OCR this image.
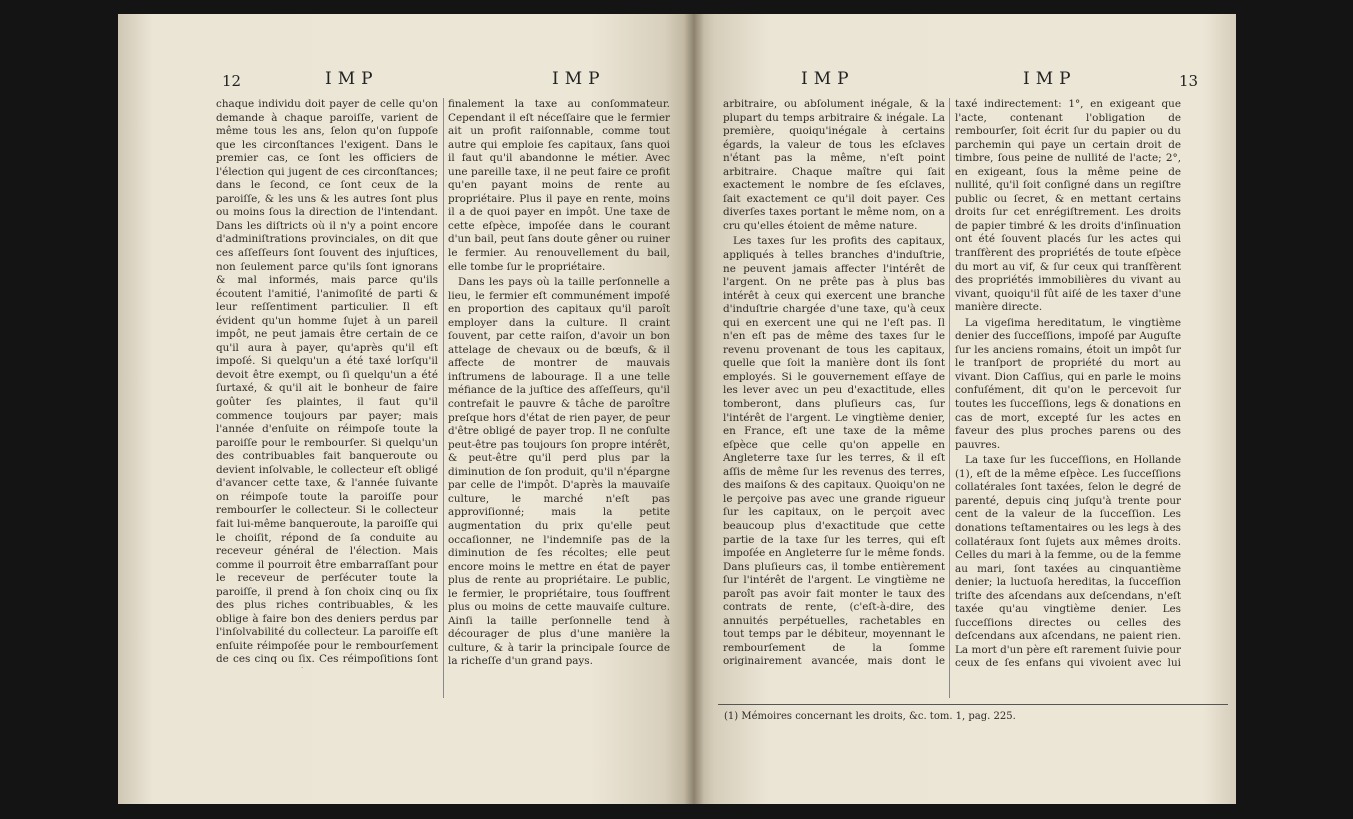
12	IMP	IMP

chaque individu doit payer de celle qu'on demande à chaque paroiſſe, varient de même tous les ans, ſelon qu'on ſuppoſe que les circonſtances l'exigent. Dans le premier cas, ce ſont les officiers de l'élection qui jugent de ces circonſtances; dans le ſecond, ce ſont ceux de la paroiſſe, & les uns & les autres ſont plus ou moins ſous la direction de l'intendant. Dans les diſtricts où il n'y a point encore d'adminiſtrations provinciales, on dit que ces aſſeſſeurs ſont ſouvent des injuſtices, non ſeulement parce qu'ils ſont ignorans & mal informés, mais parce qu'ils écoutent l'amitié, l'animoſité de parti & leur reſſentiment particulier. Il eſt évident qu'un homme ſujet à un pareil impôt, ne peut jamais être certain de ce qu'il aura à payer, qu'après qu'il eſt impoſé. Si quelqu'un a été taxé lorſqu'il devoit être exempt, ou ſi quelqu'un a été ſurtaxé, & qu'il ait le bonheur de faire goûter ſes plaintes, il faut qu'il commence toujours par payer; mais l'année d'enſuite on réimpoſe toute la paroiſſe pour le rembourſer. Si quelqu'un des contribuables fait banqueroute ou devient inſolvable, le collecteur eſt obligé d'avancer cette taxe, & l'année ſuivante on réimpoſe toute la paroiſſe pour rembourſer le collecteur. Si le collecteur fait lui-même banqueroute, la paroiſſe qui le choiſit, répond de ſa conduite au receveur général de l'élection. Mais comme il pourroit être embarraſſant pour le receveur de perſécuter toute la paroiſſe, il prend à ſon choix cinq ou ſix des plus riches contribuables, & les oblige à faire bon des deniers perdus par l'inſolvabilité du collecteur. La paroiſſe eſt enſuite réimpoſée pour le rembourſement de ces cinq ou ſix. Ces réimpoſitions ſont

finalement la taxe au conſommateur. Cependant il eſt néceſſaire que le fermier ait un profit raiſonnable, comme tout autre qui emploie ſes capitaux, ſans quoi il faut qu'il abandonne le métier. Avec une pareille taxe, il ne peut faire ce profit qu'en payant moins de rente au propriétaire. Plus il paye en rente, moins il a de quoi payer en impôt. Une taxe de cette eſpèce, impoſée dans le courant d'un bail, peut ſans doute gêner ou ruiner le fermier. Au renouvellement du bail, elle tombe ſur le propriétaire.

Dans les pays où la taille perſonnelle a lieu, le fermier eſt communément impoſé en proportion des capitaux qu'il paroît employer dans la culture. Il craint ſouvent, par cette raiſon, d'avoir un bon attelage de chevaux ou de bœufs, & il affecte de montrer de mauvais inſtrumens de labourage. Il a une telle méfiance de la juſtice des aſſeſſeurs, qu'il contrefait le pauvre & tâche de paroître preſque hors d'état de rien payer, de peur d'être obligé de payer trop. Il ne conſulte peut-être pas toujours ſon propre intérêt, & peut-être qu'il perd plus par la diminution de ſon produit, qu'il n'épargne par celle de l'impôt. D'après la mauvaiſe culture, le marché n'eſt pas approviſionné; mais la petite augmentation du prix qu'elle peut occaſionner, ne l'indemniſe pas de la diminution de ſes récoltes; elle peut encore moins le mettre en état de payer plus de rente au propriétaire. Le public, le fermier, le propriétaire, tous ſouffrent plus ou moins de cette mauvaiſe culture. Ainſi la taille perſonnelle tend à décourager de plus d'une manière la culture, & à tarir la principale ſource de la richeſſe d'un grand pays.

IMP	IMP	13

arbitraire, ou abſolument inégale, & la plupart du temps arbitraire & inégale. La première, quoiqu'inégale à certains égards, la valeur de tous les eſclaves n'étant pas la même, n'eſt point arbitraire. Chaque maître qui ſait exactement le nombre de ſes eſclaves, ſait exactement ce qu'il doit payer. Ces diverſes taxes portant le même nom, on a cru qu'elles étoient de même nature.

Les taxes ſur les profits des capitaux, appliqués à telles branches d'induſtrie, ne peuvent jamais affecter l'intérêt de l'argent. On ne prête pas à plus bas intérêt à ceux qui exercent une branche d'induſtrie chargée d'une taxe, qu'à ceux qui en exercent une qui ne l'eſt pas. Il n'en eſt pas de même des taxes ſur le revenu provenant de tous les capitaux, quelle que ſoit la manière dont ils ſont employés. Si le gouvernement eſſaye de les lever avec un peu d'exactitude, elles tomberont, dans pluſieurs cas, ſur l'intérêt de l'argent. Le vingtième denier, en France, eſt une taxe de la même eſpèce que celle qu'on appelle en Angleterre taxe ſur les terres, & il eſt aſſis de même ſur les revenus des terres, des maiſons & des capitaux. Quoiqu'on ne le perçoive pas avec une grande rigueur ſur les capitaux, on le perçoit avec beaucoup plus d'exactitude que cette partie de la taxe ſur les terres, qui eſt impoſée en Angleterre ſur le même fonds. Dans pluſieurs cas, il tombe entièrement ſur l'intérêt de l'argent. Le vingtième ne paroît pas avoir fait monter le taux des contrats de rente, (c'eſt-à-dire, des annuités perpétuelles, rachetables en tout temps par le débiteur, moyennant le rembourſement de la ſomme originairement avancée, mais dont le

taxé indirectement: 1°, en exigeant que l'acte, contenant l'obligation de rembourſer, ſoit écrit ſur du papier ou du parchemin qui paye un certain droit de timbre, ſous peine de nullité de l'acte; 2°, en exigeant, ſous la même peine de nullité, qu'il ſoit conſigné dans un regiſtre public ou ſecret, & en mettant certains droits ſur cet enrégiſtrement. Les droits de papier timbré & les droits d'inſinuation ont été ſouvent placés ſur les actes qui tranſfèrent des propriétés de toute eſpèce du mort au vif, & ſur ceux qui tranſfèrent des propriétés immobilières du vivant au vivant, quoiqu'il fût aiſé de les taxer d'une manière directe.

La vigeſima hereditatum, le vingtième denier des ſucceſſions, impoſé par Auguſte ſur les anciens romains, étoit un impôt ſur le tranſport de propriété du mort au vivant. Dion Caſſius, qui en parle le moins confuſément, dit qu'on le percevoit ſur toutes les ſucceſſions, legs & donations en cas de mort, excepté ſur les actes en faveur des plus proches parens ou des pauvres.

La taxe ſur les ſucceſſions, en Hollande (1), eſt de la même eſpèce. Les ſucceſſions collatérales ſont taxées, ſelon le degré de parenté, depuis cinq juſqu'à trente pour cent de la valeur de la ſucceſſion. Les donations teſtamentaires ou les legs à des collatéraux ſont ſujets aux mêmes droits. Celles du mari à la femme, ou de la femme au mari, ſont taxées au cinquantième denier; la luctuoſa hereditas, la ſucceſſion triſte des aſcendans aux deſcendans, n'eſt taxée qu'au vingtième denier. Les ſucceſſions directes ou celles des deſcendans aux aſcendans, ne paient rien. La mort d'un père eſt rarement ſuivie pour ceux de ſes enfans qui vivoient avec lui

(1) Mémoires concernant les droits, &c. tom. 1, pag. 225.
